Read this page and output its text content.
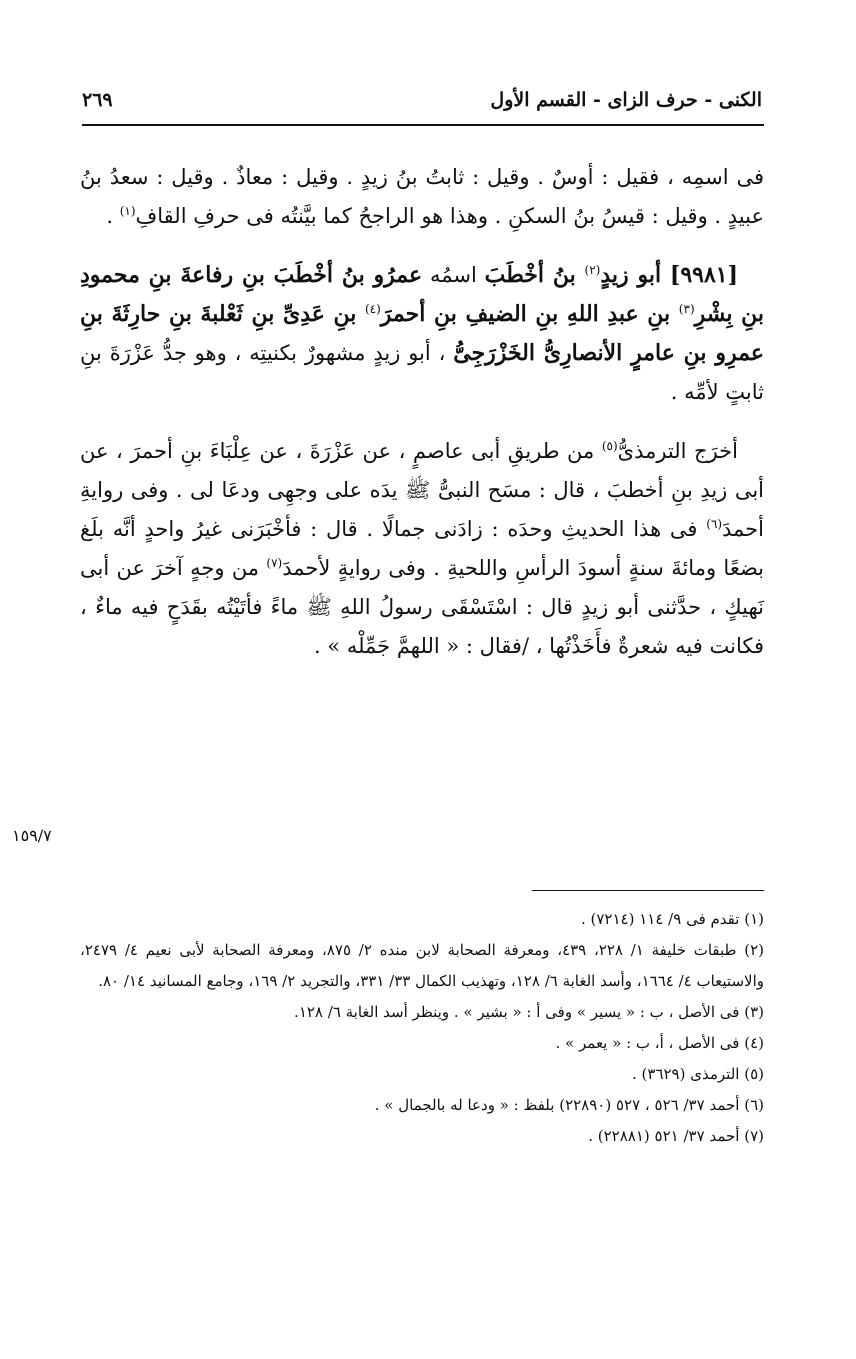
الكنى - حرف الزاى - القسم الأول
٢٦٩

فى اسمِه ، فقيل : أوسٌ . وقيل : ثابتُ بنُ زيدٍ . وقيل : معاذٌ . وقيل : سعدُ بنُ عبيدٍ . وقيل : قيسُ بنُ السكنِ . وهذا هو الراجحُ كما بيَّنتُه فى حرفِ القافِ$^{(١)}$ .

[٩٩٨١] أبو زيدٍ$^{(٢)}$ بنُ أخْطَبَ اسمُه عمرُو بنُ أخْطَبَ بنِ رفاعةَ بنِ محمودِ بنِ بِشْرِ$^{(٣)}$ بنِ عبدِ اللهِ بنِ الضيفِ بنِ أحمرَ$^{(٤)}$ بنِ عَدِىِّ بنِ ثَعْلبةَ بنِ حارِثَةَ بنِ عمرِو بنِ عامرٍ الأنصارِىُّ الخَزْرَجِىُّ ، أبو زيدٍ مشهورٌ بكنيتِه ، وهو جدُّ عَزْرَةَ بنِ ثابتٍ لأمِّه .

أخرَج الترمذىُّ$^{(٥)}$ من طريقِ أبى عاصمٍ ، عن عَزْرَةَ ، عن عِلْبَاءَ بنِ أحمرَ ، عن أبى زيدِ بنِ أخطبَ ، قال : مسَح النبىُّ ﷺ يدَه على وجهِى ودعَا لى . وفى روايةِ أحمدَ$^{(٦)}$ فى هذا الحديثِ وحدَه : زادَنى جمالًا . قال : فأخْبَرَنى غيرُ واحدٍ أنَّه بلَغ بضعًا ومائةَ سنةٍ أسودَ الرأسِ واللحيةِ . وفى روايةٍ لأحمدَ$^{(٧)}$ من وجهٍ آخرَ عن أبى نَهيكٍ ، حدَّثنى أبو زيدٍ قال : اسْتَسْقَى رسولُ اللهِ ﷺ ماءً فأتَيْتُه بقَدَحٍ فيه ماءٌ ، فكانت فيه شعرةٌ فأَخَذْتُها ، /فقال : « اللهمَّ جَمِّلْه » .

١٥٩/٧

(١) تقدم فى ٩/ ١١٤ (٧٢١٤) .

(٢) طبقات خليفة ١/ ٢٢٨، ٤٣٩، ومعرفة الصحابة لابن منده ٢/ ٨٧٥، ومعرفة الصحابة لأبى نعيم ٤/ ٢٤٧٩، والاستيعاب ٤/ ١٦٦٤، وأسد الغابة ٦/ ١٢٨، وتهذيب الكمال ٣٣/ ٣٣١، والتجريد ٢/ ١٦٩، وجامع المسانيد ١٤/ ٨٠.

(٣) فى الأصل ، ب : « يسير » وفى أ : « بشير » . وينظر أسد الغابة ٦/ ١٢٨.

(٤) فى الأصل ، أ، ب : « يعمر » .

(٥) الترمذى (٣٦٢٩) .

(٦) أحمد ٣٧/ ٥٢٦ ، ٥٢٧ (٢٢٨٩٠) بلفظ : « ودعا له بالجمال » .

(٧) أحمد ٣٧/ ٥٢١ (٢٢٨٨١) .
